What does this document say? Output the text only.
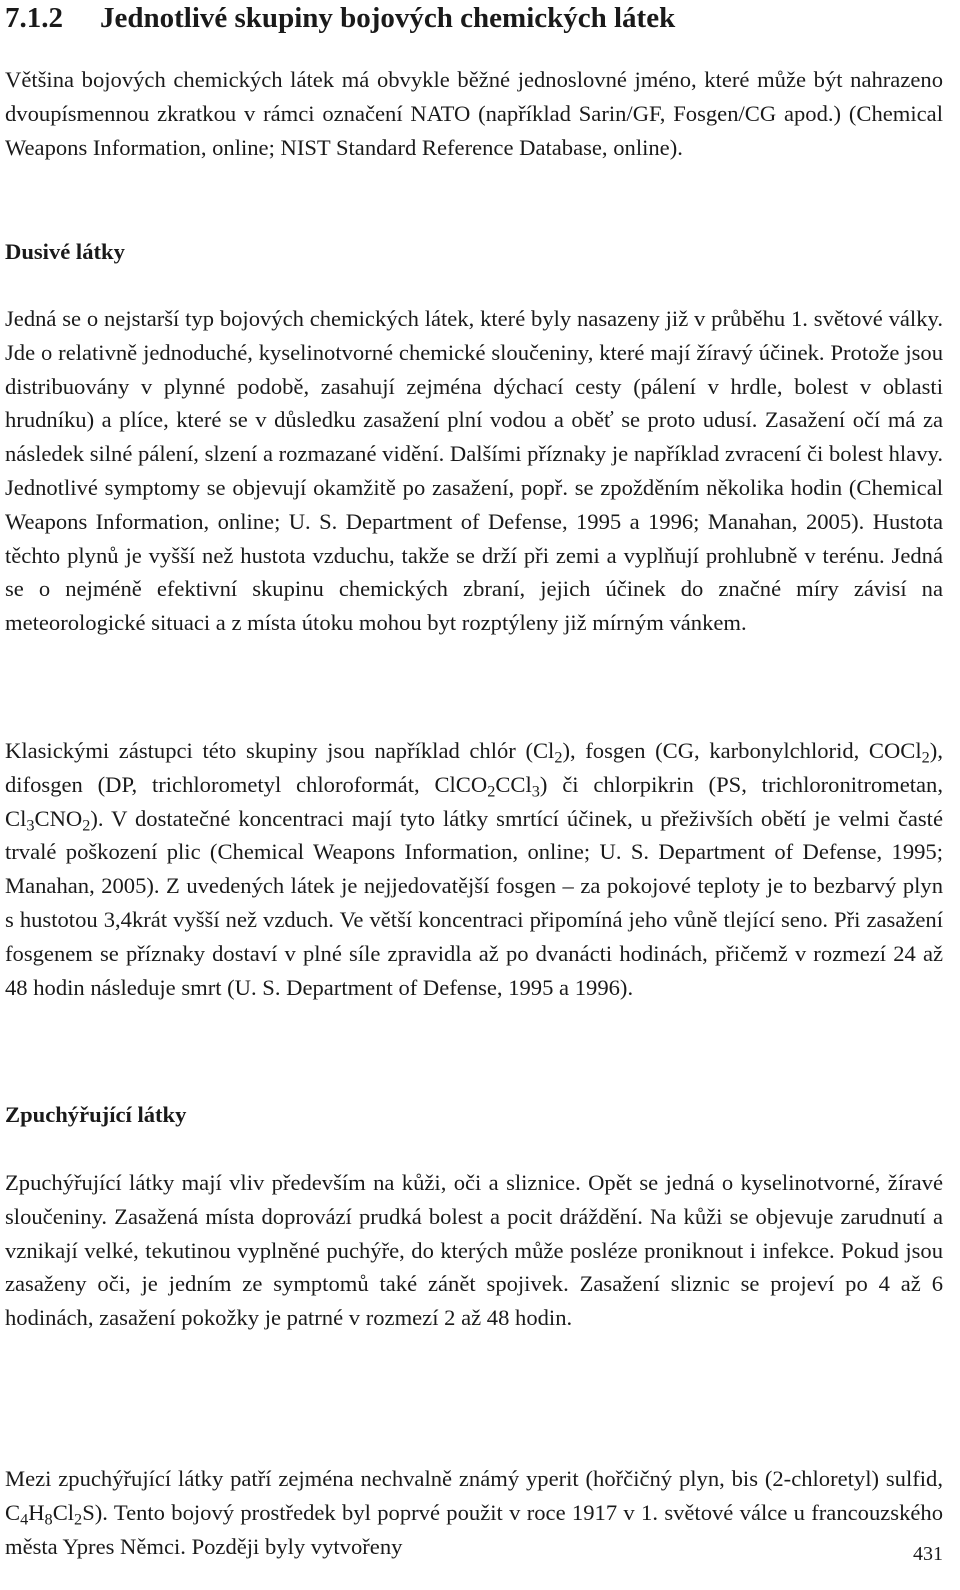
7.1.2 Jednotlivé skupiny bojových chemických látek

Většina bojových chemických látek má obvykle běžné jednoslovné jméno, které může být nahrazeno dvoupísmennou zkratkou v rámci označení NATO (například Sarin/GF, Fosgen/CG apod.) (Chemical Weapons Information, online; NIST Standard Reference Database, online).

Dusivé látky

Jedná se o nejstarší typ bojových chemických látek, které byly nasazeny již v průběhu 1. světové války. Jde o relativně jednoduché, kyselinotvorné chemické sloučeniny, které mají žíravý účinek. Protože jsou distribuovány v plynné podobě, zasahují zejména dýchací cesty (pálení v hrdle, bolest v oblasti hrudníku) a plíce, které se v důsledku zasažení plní vodou a oběť se proto udusí. Zasažení očí má za následek silné pálení, slzení a rozmazané vidění. Dalšími příznaky je například zvracení či bolest hlavy. Jednotlivé symptomy se objevují okamžitě po zasažení, popř. se zpožděním několika hodin (Chemical Weapons Information, online; U. S. Department of Defense, 1995 a 1996; Manahan, 2005). Hustota těchto plynů je vyšší než hustota vzduchu, takže se drží při zemi a vyplňují prohlubně v terénu. Jedná se o nejméně efektivní skupinu chemických zbraní, jejich účinek do značné míry závisí na meteorologické situaci a z místa útoku mohou byt rozptýleny již mírným vánkem.

Klasickými zástupci této skupiny jsou například chlór $(Cl_2)$, fosgen (CG, karbonylchlorid, COCl$_2$), difosgen (DP, trichlorometyl chloroformát, ClCO$_2$CCl$_3$) či chlorpikrin (PS, trichloronitrometan, $Cl_3CNO_2$). V dostatečné koncentraci mají tyto látky smrtící účinek, u přeživších obětí je velmi časté trvalé poškození plic (Chemical Weapons Information, online; U. S. Department of Defense, 1995; Manahan, 2005). Z uvedených látek je nejjedovatější fosgen – za pokojové teploty je to bezbarvý plyn s hustotou 3,4krát vyšší než vzduch. Ve větší koncentraci připomíná jeho vůně tlející seno. Při zasažení fosgenem se příznaky dostaví v plné síle zpravidla až po dvanácti hodinách, přičemž v rozmezí 24 až 48 hodin následuje smrt (U. S. Department of Defense, 1995 a 1996).

Zpuchýřující látky

Zpuchýřující látky mají vliv především na kůži, oči a sliznice. Opět se jedná o kyselinotvorné, žíravé sloučeniny. Zasažená místa doprovází prudká bolest a pocit dráždění. Na kůži se objevuje zarudnutí a vznikají velké, tekutinou vyplněné puchýře, do kterých může posléze proniknout i infekce. Pokud jsou zasaženy oči, je jedním ze symptomů také zánět spojivek. Zasažení sliznic se projeví po 4 až 6 hodinách, zasažení pokožky je patrné v rozmezí 2 až 48 hodin.

Mezi zpuchýřující látky patří zejména nechvalně známý yperit (hořčičný plyn, bis (2-chloretyl) sulfid, $C_4H_8Cl_2S$). Tento bojový prostředek byl poprvé použit v roce 1917 v 1. světové válce u francouzského města Ypres Němci. Později byly vytvořeny	431
